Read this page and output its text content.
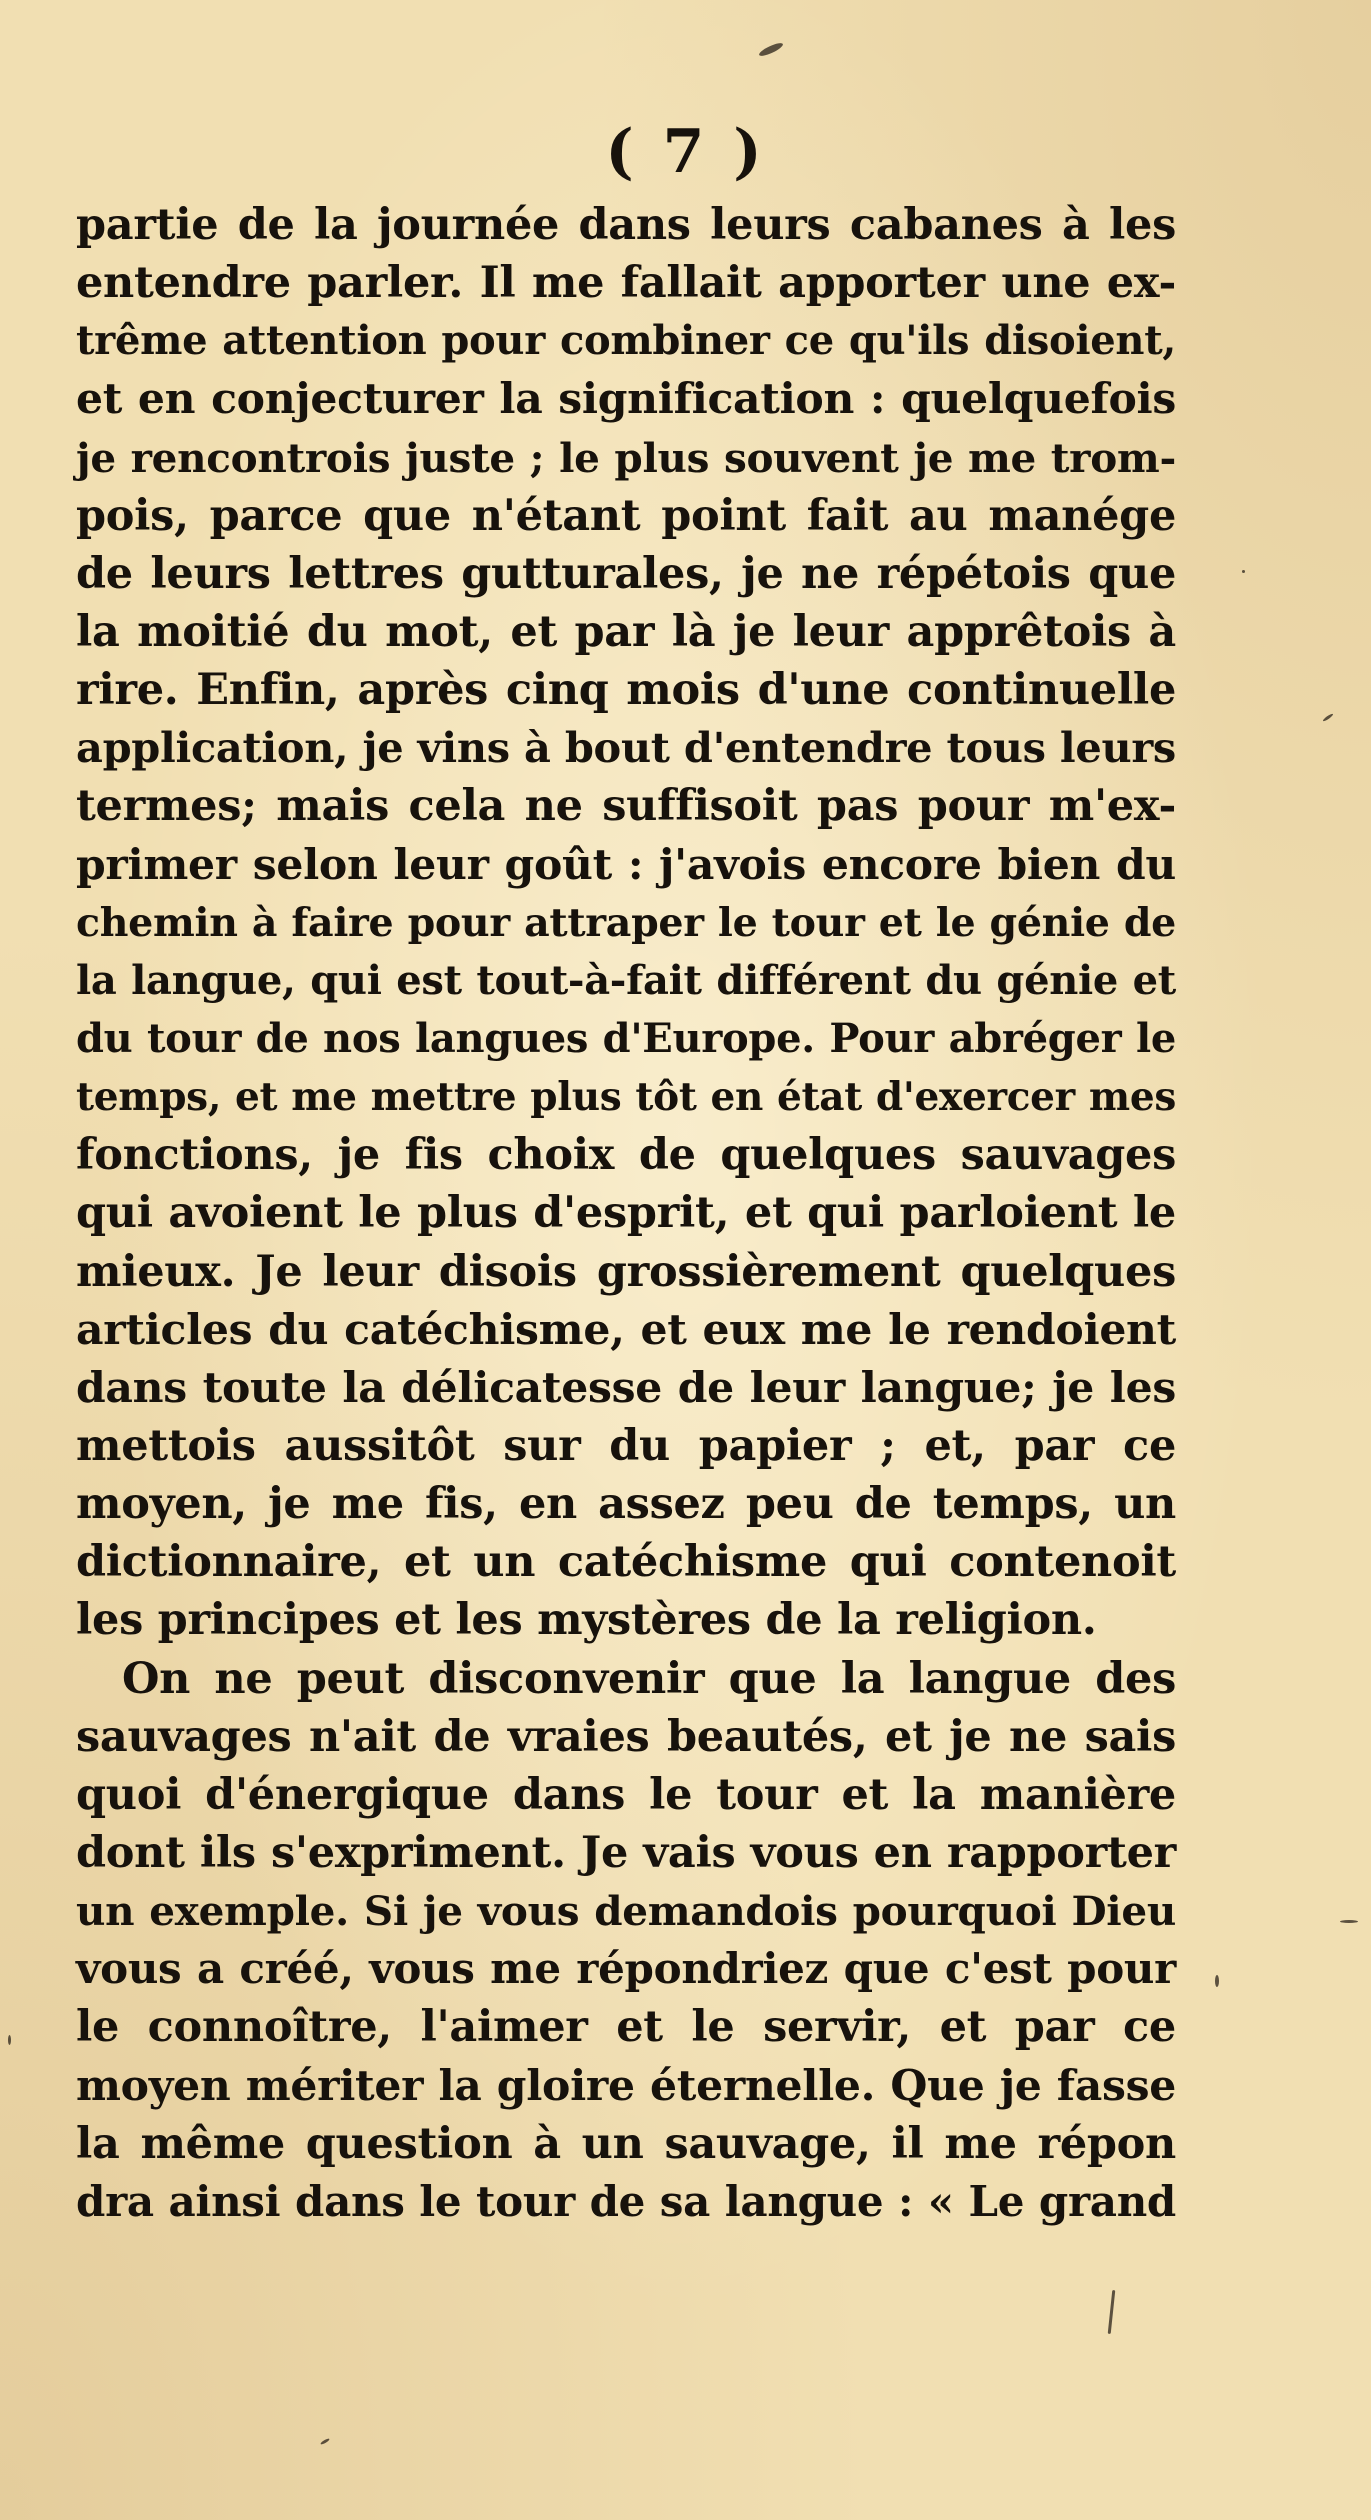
( 7 )
partie de la journée dans leurs cabanes à les
entendre parler. Il me fallait apporter une ex-
trême attention pour combiner ce qu'ils disoient,
et en conjecturer la signification : quelquefois
je rencontrois juste ; le plus souvent je me trom-
pois, parce que n'étant point fait au manége
de leurs lettres gutturales, je ne répétois que
la moitié du mot, et par là je leur apprêtois à
rire. Enfin, après cinq mois d'une continuelle
application, je vins à bout d'entendre tous leurs
termes; mais cela ne suffisoit pas pour m'ex-
primer selon leur goût : j'avois encore bien du
chemin à faire pour attraper le tour et le génie de
la langue, qui est tout-à-fait différent du génie et
du tour de nos langues d'Europe. Pour abréger le
temps, et me mettre plus tôt en état d'exercer mes
fonctions, je fis choix de quelques sauvages
qui avoient le plus d'esprit, et qui parloient le
mieux. Je leur disois grossièrement quelques
articles du catéchisme, et eux me le rendoient
dans toute la délicatesse de leur langue; je les
mettois aussitôt sur du papier ; et, par ce
moyen, je me fis, en assez peu de temps, un
dictionnaire, et un catéchisme qui contenoit
les principes et les mystères de la religion.
On ne peut disconvenir que la langue des
sauvages n'ait de vraies beautés, et je ne sais
quoi d'énergique dans le tour et la manière
dont ils s'expriment. Je vais vous en rapporter
un exemple. Si je vous demandois pourquoi Dieu
vous a créé, vous me répondriez que c'est pour
le connoître, l'aimer et le servir, et par ce
moyen mériter la gloire éternelle. Que je fasse
la même question à un sauvage, il me répon
dra ainsi dans le tour de sa langue : « Le grand
